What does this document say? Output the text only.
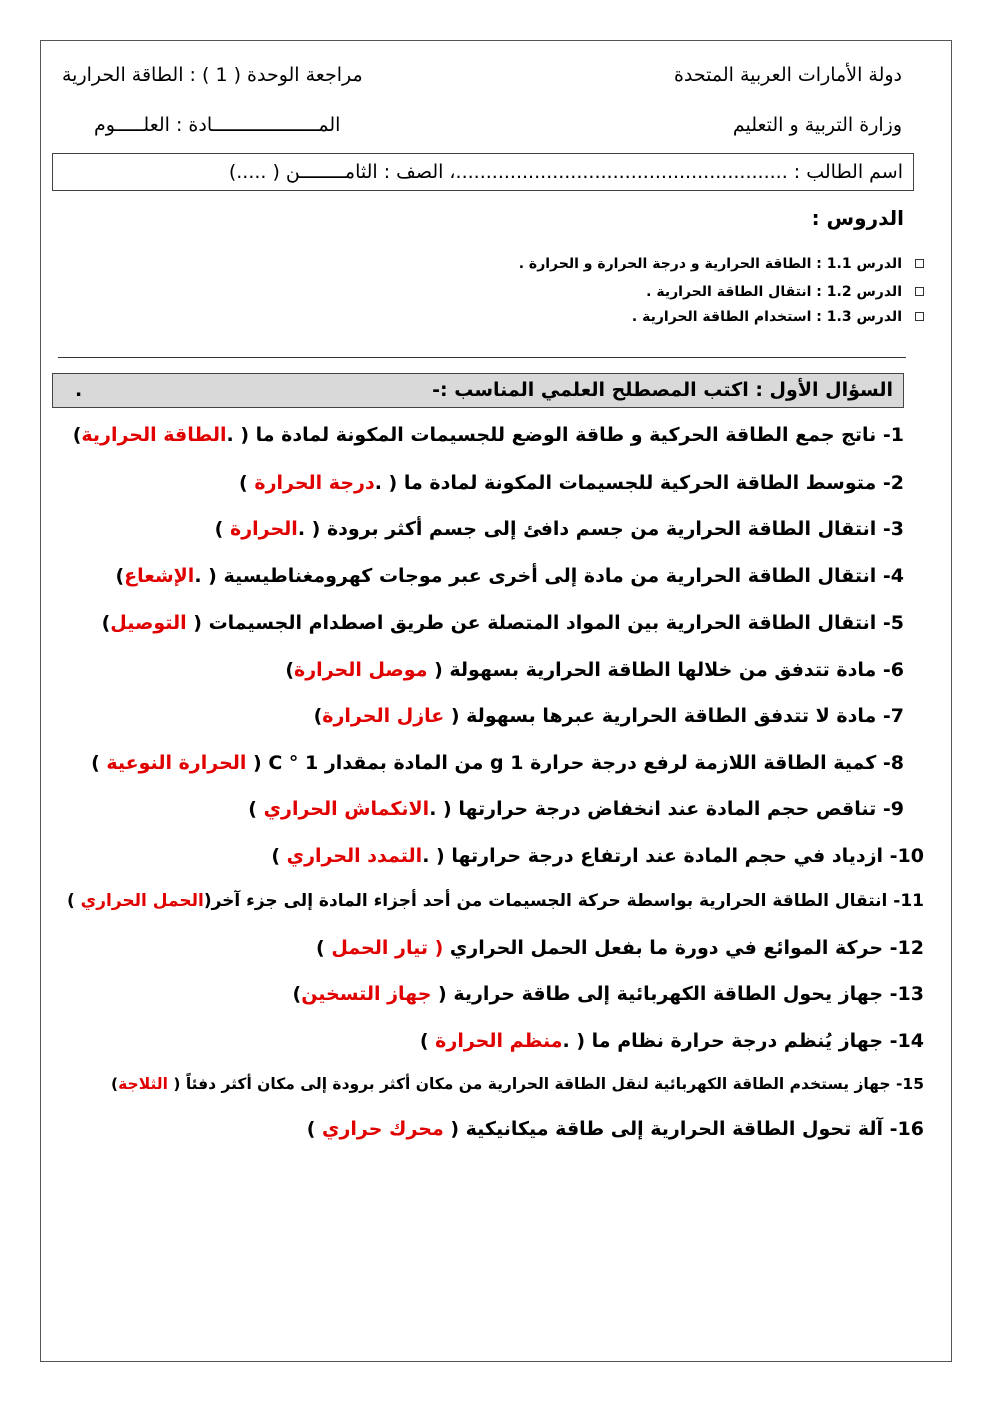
دولة الأمارات العربية المتحدة
وزارة التربية و التعليم
مراجعة الوحدة ( 1 ) : الطاقة الحرارية
المـــــــــــــــــــادة : العلـــــوم
اسم الطالب : .......................................................، الصف : الثامــــــــن ( .....)
الدروس :
الدرس 1.1 : الطاقة الحرارية و درجة الحرارة و الحرارة .
الدرس 1.2 : انتقال الطاقة الحرارية .
الدرس 1.3 : استخدام الطاقة الحرارية .
السؤال الأول : اكتب المصطلح العلمي المناسب :-
.
1- ناتج جمع الطاقة الحركية و طاقة الوضع للجسيمات المكونة لمادة ما ( .الطاقة الحرارية)
2- متوسط الطاقة الحركية للجسيمات المكونة لمادة ما ( .درجة الحرارة )
3- انتقال الطاقة الحرارية من جسم دافئ إلى جسم أكثر برودة ( .الحرارة )
4- انتقال الطاقة الحرارية من مادة إلى أخرى عبر موجات كهرومغناطيسية ( .الإشعاع)
5- انتقال الطاقة الحرارية بين المواد المتصلة عن طريق اصطدام الجسيمات ( التوصيل)
6- مادة تتدفق من خلالها الطاقة الحرارية بسهولة ( موصل الحرارة)
7- مادة لا تتدفق الطاقة الحرارية عبرها بسهولة ( عازل الحرارة)
8- كمية الطاقة اللازمة لرفع درجة حرارة 1 g من المادة بمقدار 1 ° C ( الحرارة النوعية )
9- تناقص حجم المادة عند انخفاض درجة حرارتها ( .الانكماش الحراري )
10- ازدياد في حجم المادة عند ارتفاع درجة حرارتها ( .التمدد الحراري )
11- انتقال الطاقة الحرارية بواسطة حركة الجسيمات من أحد أجزاء المادة إلى جزء آخر(الحمل الحراري )
12- حركة الموائع في دورة ما بفعل الحمل الحراري ( تيار الحمل )
13- جهاز يحول الطاقة الكهربائية إلى طاقة حرارية ( جهاز التسخين)
14- جهاز يُنظم درجة حرارة نظام ما ( .منظم الحرارة )
15- جهاز يستخدم الطاقة الكهربائية لنقل الطاقة الحرارية من مكان أكثر برودة إلى مكان أكثر دفئاً ( الثلاجة)
16- آلة تحول الطاقة الحرارية إلى طاقة ميكانيكية ( محرك حراري )
